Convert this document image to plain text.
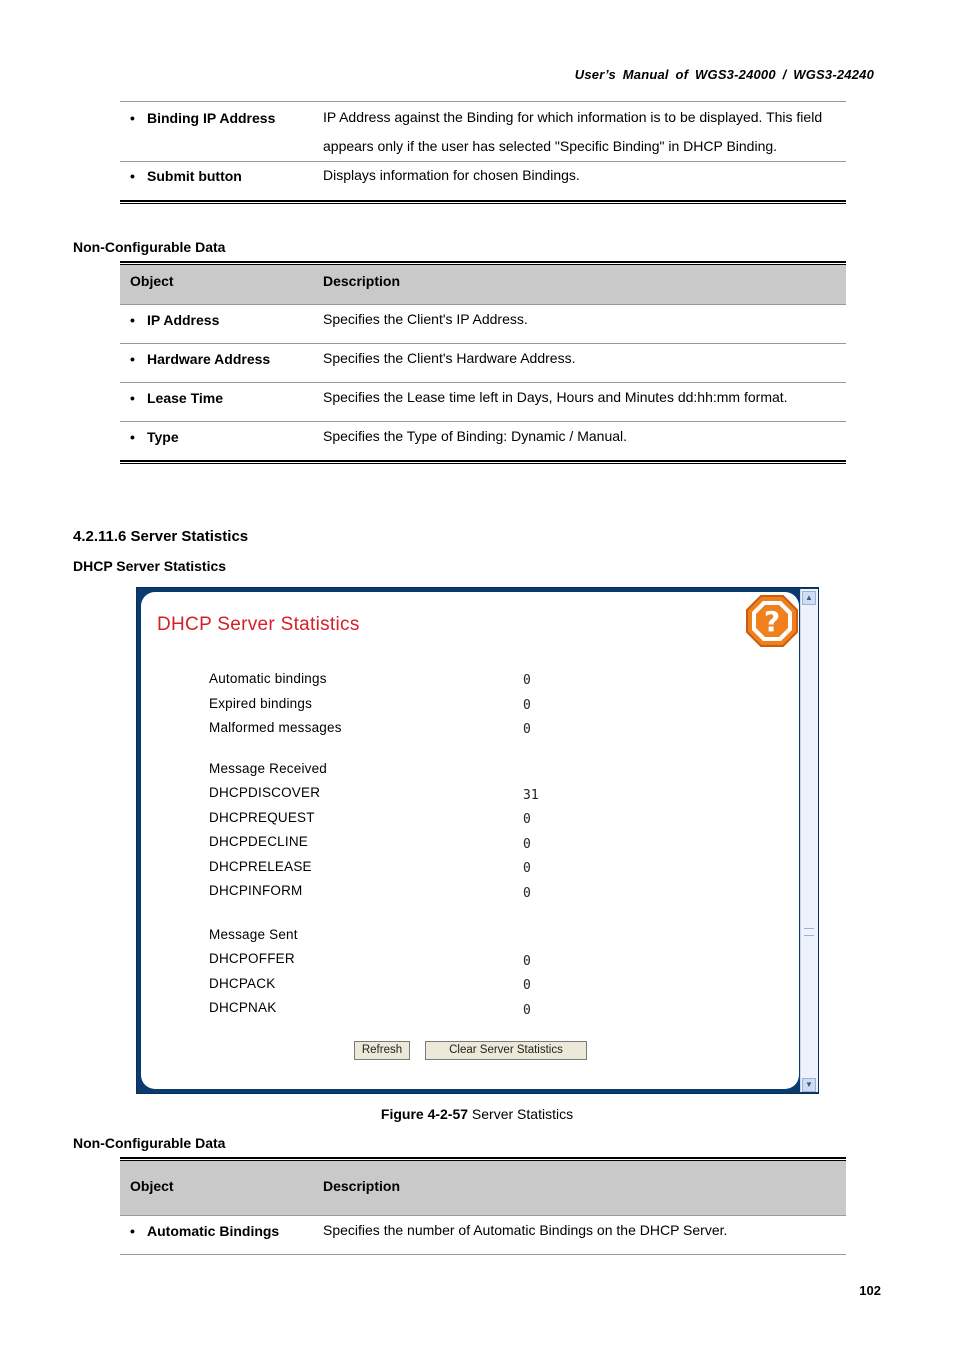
User’s Manual of WGS3-24000 / WGS3-24240
• Binding IP Address	IP Address against the Binding for which information is to be displayed. This field
appears only if the user has selected "Specific Binding" in DHCP Binding.
• Submit button	Displays information for chosen Bindings.
Non-Configurable Data
Object	Description
• IP Address	Specifies the Client's IP Address.
• Hardware Address	Specifies the Client's Hardware Address.
• Lease Time	Specifies the Lease time left in Days, Hours and Minutes dd:hh:mm format.
• Type	Specifies the Type of Binding: Dynamic / Manual.
4.2.11.6 Server Statistics
DHCP Server Statistics
DHCP Server Statistics	?
Automatic bindings	0
Expired bindings	0
Malformed messages	0
Message Received
DHCPDISCOVER	31
DHCPREQUEST	0
DHCPDECLINE	0
DHCPRELEASE	0
DHCPINFORM	0
Message Sent
DHCPOFFER	0
DHCPACK	0
DHCPNAK	0
Refresh	Clear Server Statistics
▲
▼
Figure 4-2-57 Server Statistics
Non-Configurable Data
Object	Description
• Automatic Bindings	Specifies the number of Automatic Bindings on the DHCP Server.
102
